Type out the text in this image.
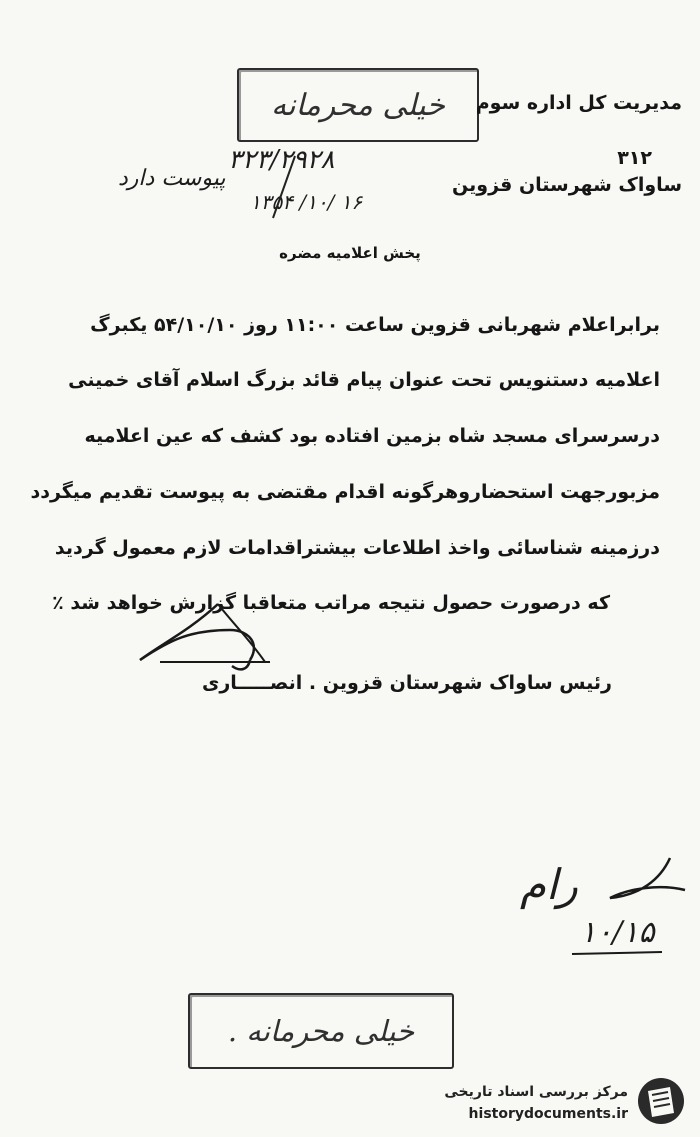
خیلی محرمانه مدیریت کل اداره سوم
۳۱۲
ساواک شهرستان قزوین
۳۲۳/۲۹۲۸
۱۶ /۱۰/ ۱۳۵۴
پیوست دارد
پخش اعلامیه مضره
برابراعلام شهربانی قزوین ساعت ۱۱:۰۰ روز ۵۴/۱۰/۱۰ یکبرگ
اعلامیه دستنویس تحت عنوان پیام قائد بزرگ اسلام آقای خمینی
درسرسرای مسجد شاه بزمین افتاده بود کشف که عین اعلامیه
مزبورجهت استحضاروهرگونه اقدام مقتضی به پیوست تقدیم میگردد
درزمینه شناسائی واخذ اطلاعات بیشتراقدامات لازم معمول گردید
که درصورت حصول نتیجه مراتب متعاقبا گزارش خواهد شد ٪
رئیس ساواک شهرستان قزوین . انصـــــاری
رام
۱۰/۱۵
خیلی محرمانه .
مرکز بررسی اسناد تاریخی
historydocuments.ir
